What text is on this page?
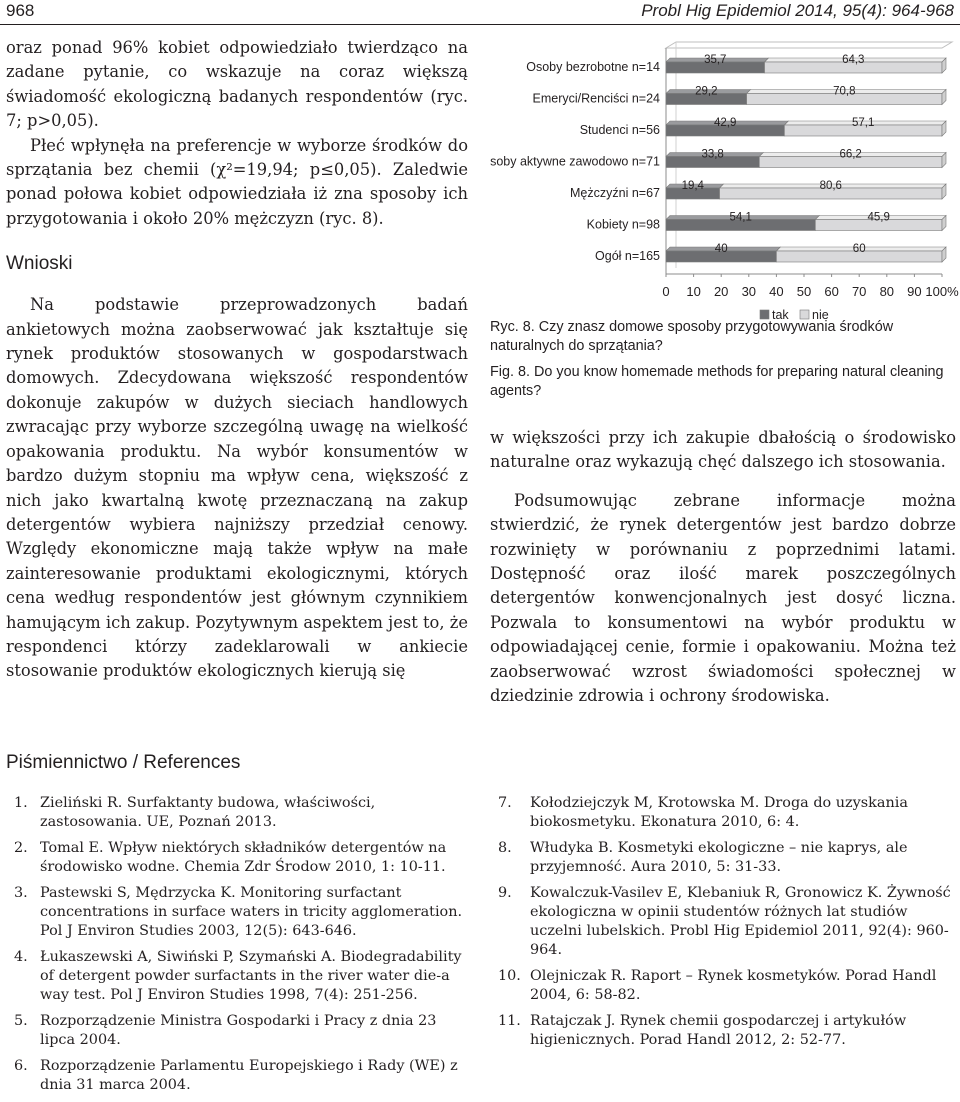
968	Probl Hig Epidemiol 2014, 95(4): 964-968

oraz ponad 96% kobiet odpowiedziało twierdząco na zadane pytanie, co wskazuje na coraz większą świadomość ekologiczną badanych respondentów (ryc. 7; p>0,05).

Płeć wpłynęła na preferencje w wyborze środków do sprzątania bez chemii (χ²=19,94; p≤0,05). Zaledwie ponad połowa kobiet odpowiedziała iż zna sposoby ich przygotowania i około 20% mężczyzn (ryc. 8).

Wnioski

Na podstawie przeprowadzonych badań ankietowych można zaobserwować jak kształtuje się rynek produktów stosowanych w gospodarstwach domowych. Zdecydowana większość respondentów dokonuje zakupów w dużych sieciach handlowych zwracając przy wyborze szczególną uwagę na wielkość opakowania produktu. Na wybór konsumentów w bardzo dużym stopniu ma wpływ cena, większość z nich jako kwartalną kwotę przeznaczaną na zakup detergentów wybiera najniższy przedział cenowy. Względy ekonomiczne mają także wpływ na małe zainteresowanie produktami ekologicznymi, których cena według respondentów jest głównym czynnikiem hamującym ich zakup. Pozytywnym aspektem jest to, że respondenci którzy zadeklarowali w ankiecie stosowanie produktów ekologicznych kierują się

0 10 20 30 40 50 60 70 80 90 100%
Osoby bezrobotne n=14	35,7	64,3
Emeryci/Renciści n=24	29,2	70,8
Studenci n=56	42,9	57,1
Osoby aktywne zawodowo n=71	33,8	66,2
Mężczyźni n=67 19,4	80,6
Kobiety n=98	54,1	45,9
Ogół n=165	40	60
tak nie

Ryc. 8. Czy znasz domowe sposoby przygotowywania środków naturalnych do sprzątania?

Fig. 8. Do you know homemade methods for preparing natural cleaning agents?

w większości przy ich zakupie dbałością o środowisko naturalne oraz wykazują chęć dalszego ich stosowania.

Podsumowując zebrane informacje można stwierdzić, że rynek detergentów jest bardzo dobrze rozwinięty w porównaniu z poprzednimi latami. Dostępność oraz ilość marek poszczególnych detergentów konwencjonalnych jest dosyć liczna. Pozwala to konsumentowi na wybór produktu w odpowiadającej cenie, formie i opakowaniu. Można też zaobserwować wzrost świadomości społecznej w dziedzinie zdrowia i ochrony środowiska.

Piśmiennictwo / References
1. Zieliński R. Surfaktanty budowa, właściwości, zastosowania. UE, Poznań 2013.
2. Tomal E. Wpływ niektórych składników detergentów na środowisko wodne. Chemia Zdr Środow 2010, 1: 10-11.
3. Pastewski S, Mędrzycka K. Monitoring surfactant concentrations in surface waters in tricity agglomeration. Pol J Environ Studies 2003, 12(5): 643-646.
4. Łukaszewski A, Siwiński P, Szymański A. Biodegradability of detergent powder surfactants in the river water die-a way test. Pol J Environ Studies 1998, 7(4): 251-256.
5. Rozporządzenie Ministra Gospodarki i Pracy z dnia 23 lipca 2004.
6. Rozporządzenie Parlamentu Europejskiego i Rady (WE) z dnia 31 marca 2004.
7.	Kołodziejczyk M, Krotowska M. Droga do uzyskania biokosmetyku. Ekonatura 2010, 6: 4.
8.	Włudyka B. Kosmetyki ekologiczne – nie kaprys, ale przyjemność. Aura 2010, 5: 31-33.
9.	Kowalczuk-Vasilev E, Klebaniuk R, Gronowicz K. Żywność ekologiczna w opinii studentów różnych lat studiów uczelni lubelskich. Probl Hig Epidemiol 2011, 92(4): 960-964.
10. Olejniczak R. Raport – Rynek kosmetyków. Porad Handl 2004, 6: 58-82.
11. Ratajczak J. Rynek chemii gospodarczej i artykułów higienicznych. Porad Handl 2012, 2: 52-77.
